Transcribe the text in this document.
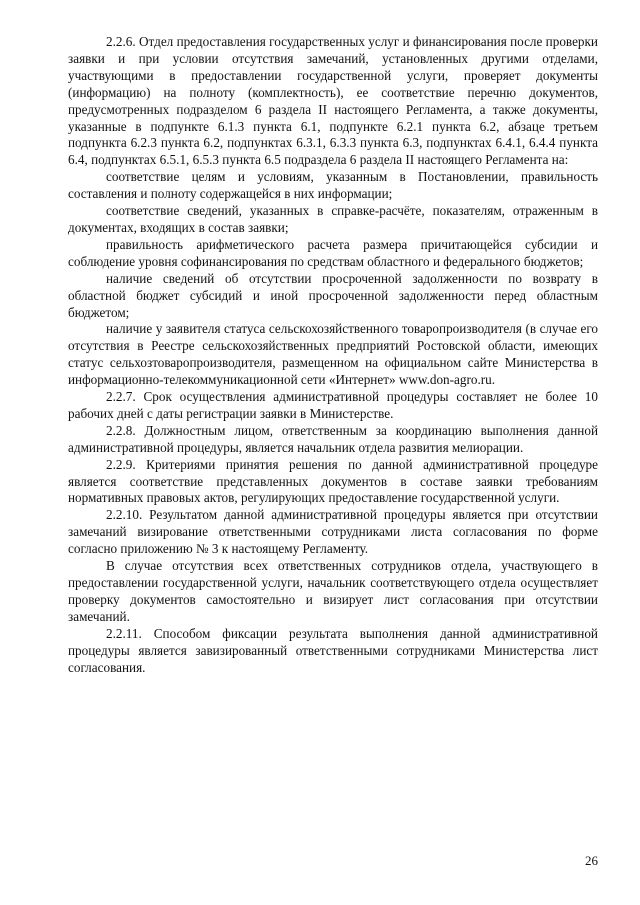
2.2.6. Отдел предоставления государственных услуг и финансирования после проверки заявки и при условии отсутствия замечаний, установленных другими отделами, участвующими в предоставлении государственной услуги, проверяет документы (информацию) на полноту (комплектность), ее соответствие перечню документов, предусмотренных подразделом 6 раздела II настоящего Регламента, а также документы, указанные в подпункте 6.1.3 пункта 6.1, подпункте 6.2.1 пункта 6.2, абзаце третьем подпункта 6.2.3 пункта 6.2, подпунктах 6.3.1, 6.3.3 пункта 6.3, подпунктах 6.4.1, 6.4.4 пункта 6.4, подпунктах 6.5.1, 6.5.3 пункта 6.5 подраздела 6 раздела II настоящего Регламента на:

соответствие целям и условиям, указанным в Постановлении, правильность составления и полноту содержащейся в них информации;

соответствие сведений, указанных в справке-расчёте, показателям, отраженным в документах, входящих в состав заявки;

правильность арифметического расчета размера причитающейся субсидии и соблюдение уровня софинансирования по средствам областного и федерального бюджетов;

наличие сведений об отсутствии просроченной задолженности по возврату в областной бюджет субсидий и иной просроченной задолженности перед областным бюджетом;

наличие у заявителя статуса сельскохозяйственного товаропроизводителя (в случае его отсутствия в Реестре сельскохозяйственных предприятий Ростовской области, имеющих статус сельхозтоваропроизводителя, размещенном на официальном сайте Министерства в информационно-телекоммуникационной сети «Интернет» www.don-agro.ru.

2.2.7. Срок осуществления административной процедуры составляет не более 10 рабочих дней с даты регистрации заявки в Министерстве.

2.2.8. Должностным лицом, ответственным за координацию выполнения данной административной процедуры, является начальник отдела развития мелиорации.

2.2.9. Критериями принятия решения по данной административной процедуре является соответствие представленных документов в составе заявки требованиям нормативных правовых актов, регулирующих предоставление государственной услуги.

2.2.10. Результатом данной административной процедуры является при отсутствии замечаний визирование ответственными сотрудниками листа согласования по форме согласно приложению № 3 к настоящему Регламенту.

В случае отсутствия всех ответственных сотрудников отдела, участвующего в предоставлении государственной услуги, начальник соответствующего отдела осуществляет проверку документов самостоятельно и визирует лист согласования при отсутствии замечаний.

2.2.11. Способом фиксации результата выполнения данной административной процедуры является завизированный ответственными сотрудниками Министерства лист согласования.

26
